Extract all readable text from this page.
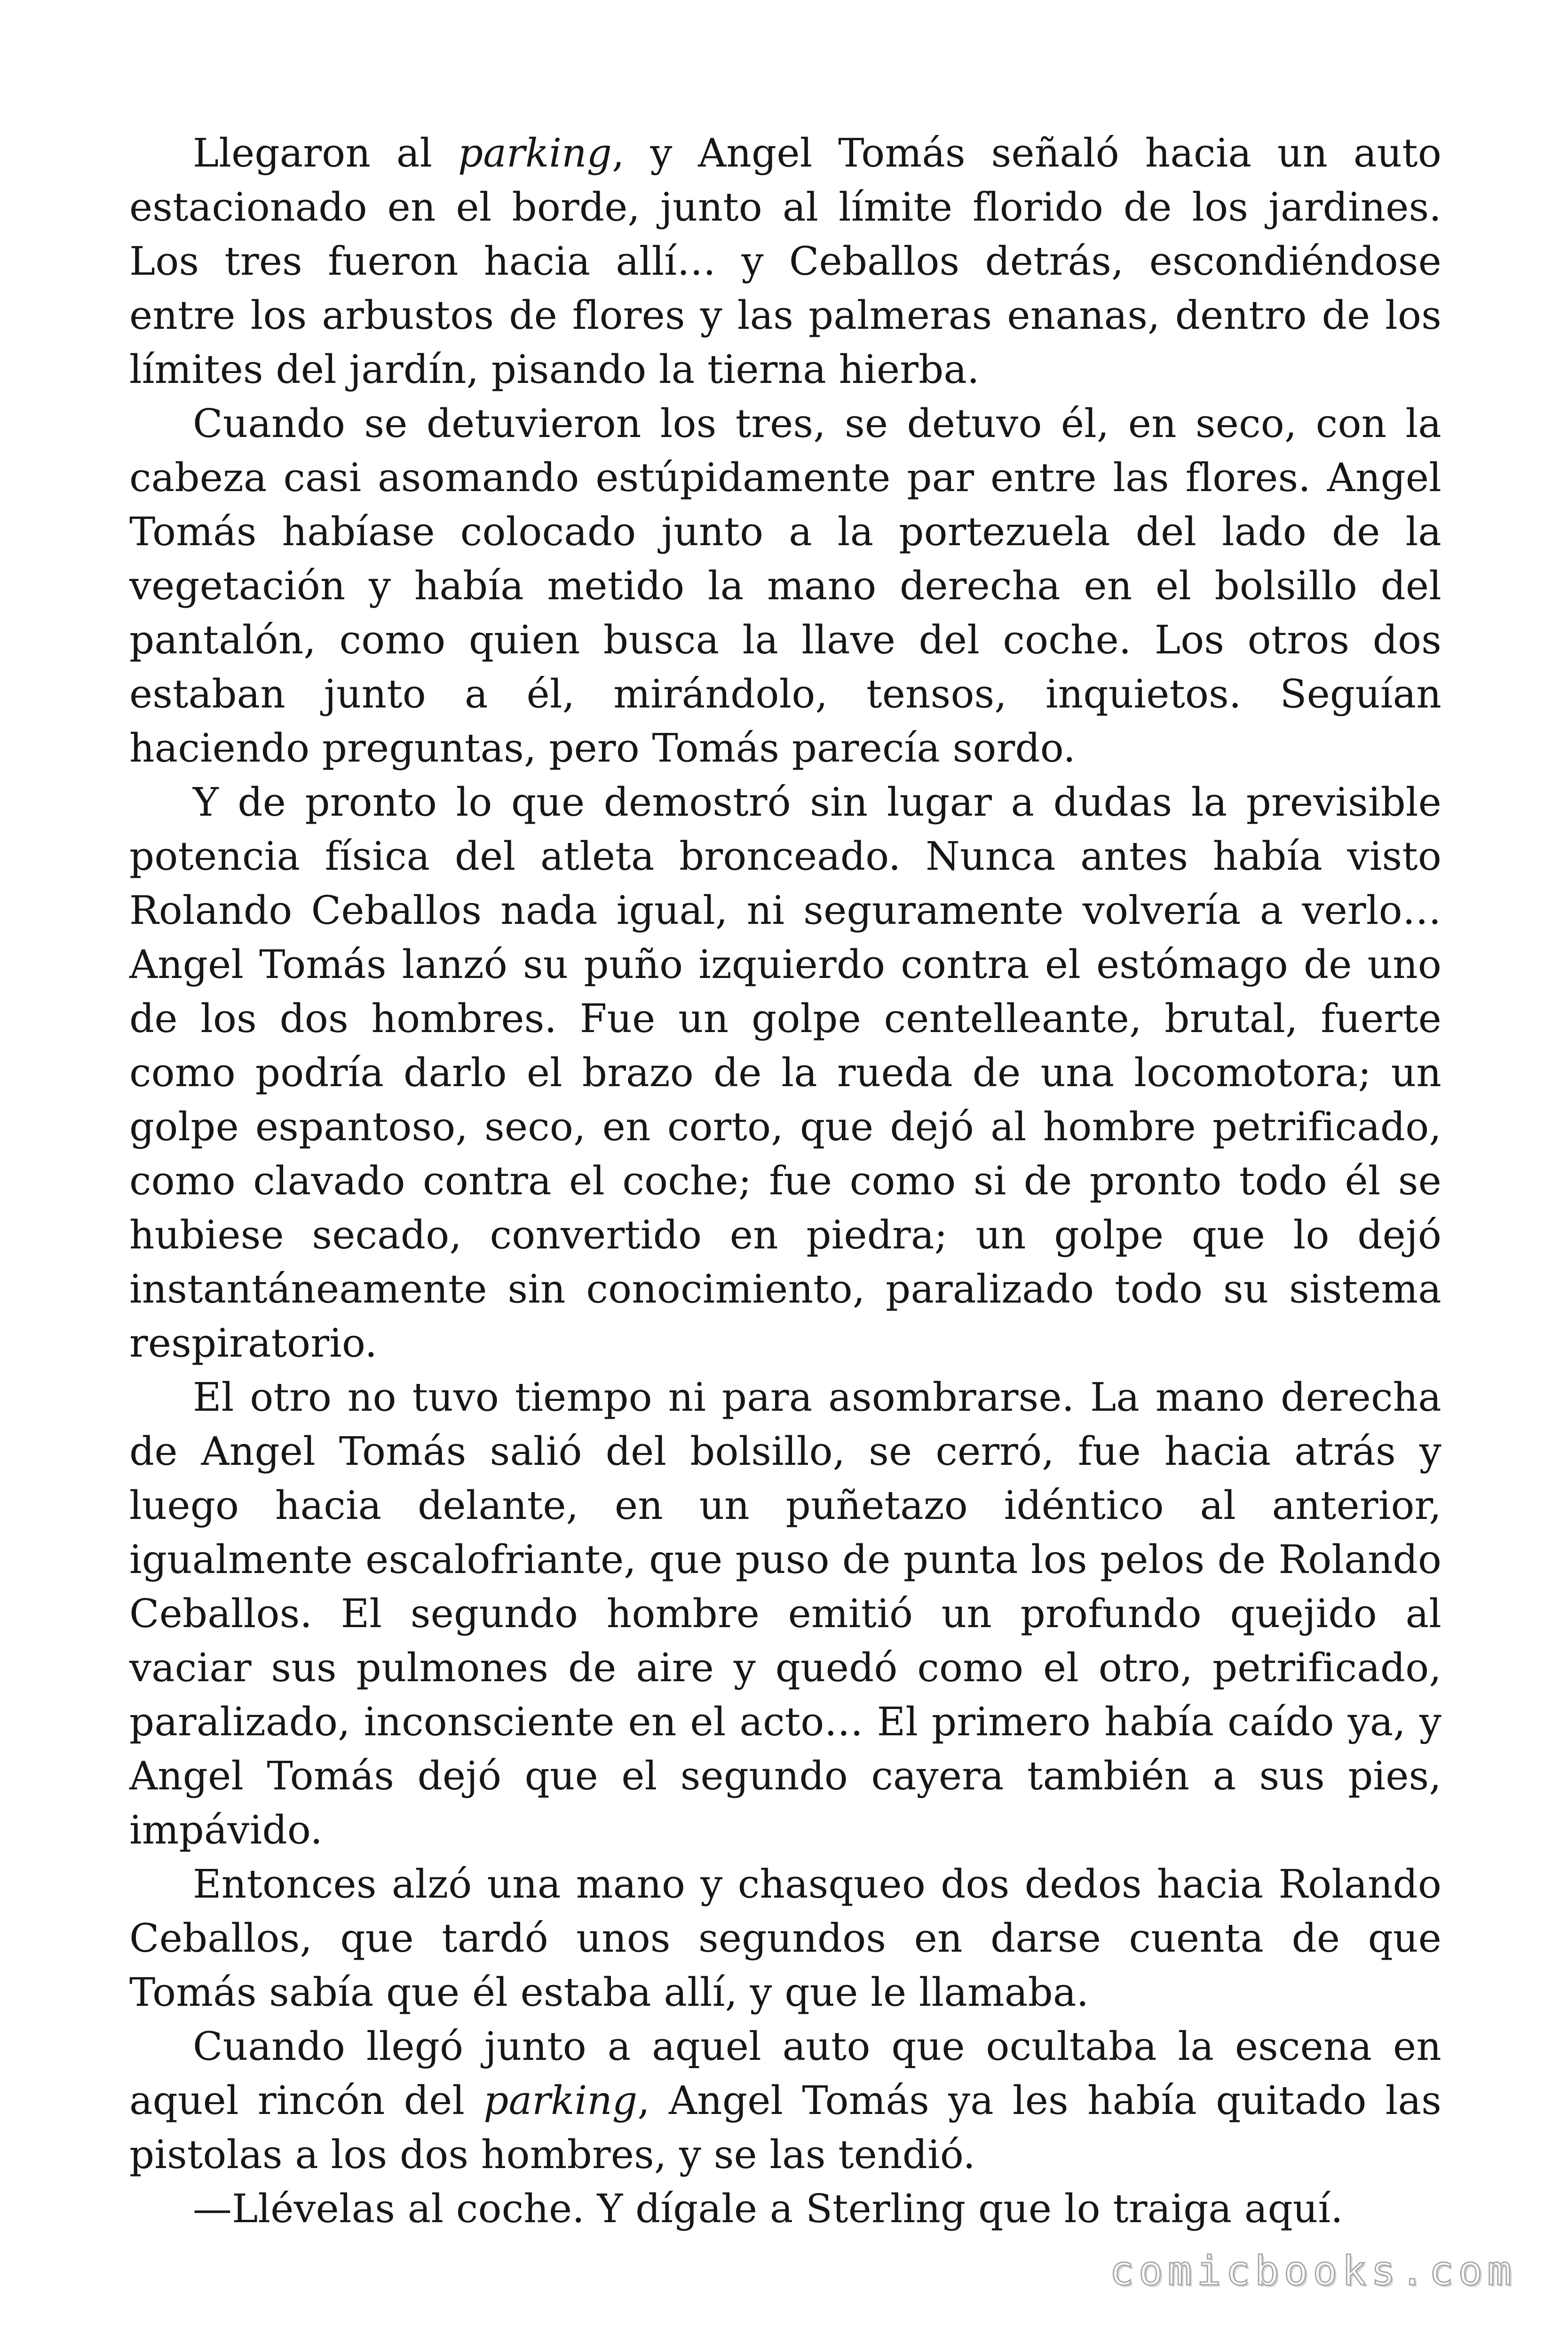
Llegaron al parking, y Angel Tomás señaló hacia un auto estacionado en el borde, junto al límite florido de los jardines. Los tres fueron hacia allí… y Ceballos detrás, escondiéndose entre los arbustos de flores y las palmeras enanas, dentro de los límites del jardín, pisando la tierna hierba.

Cuando se detuvieron los tres, se detuvo él, en seco, con la cabeza casi asomando estúpidamente par entre las flores. Angel Tomás habíase colocado junto a la portezuela del lado de la vegetación y había metido la mano derecha en el bolsillo del pantalón, como quien busca la llave del coche. Los otros dos estaban junto a él, mirándolo, tensos, inquietos. Seguían haciendo preguntas, pero Tomás parecía sordo.

Y de pronto lo que demostró sin lugar a dudas la previsible potencia física del atleta bronceado. Nunca antes había visto Rolando Ceballos nada igual, ni seguramente volvería a verlo… Angel Tomás lanzó su puño izquierdo contra el estómago de uno de los dos hombres. Fue un golpe centelleante, brutal, fuerte como podría darlo el brazo de la rueda de una locomotora; un golpe espantoso, seco, en corto, que dejó al hombre petrificado, como clavado contra el coche; fue como si de pronto todo él se hubiese secado, convertido en piedra; un golpe que lo dejó instantáneamente sin conocimiento, paralizado todo su sistema respiratorio.

El otro no tuvo tiempo ni para asombrarse. La mano derecha de Angel Tomás salió del bolsillo, se cerró, fue hacia atrás y luego hacia delante, en un puñetazo idéntico al anterior, igualmente escalofriante, que puso de punta los pelos de Rolando Ceballos. El segundo hombre emitió un profundo quejido al vaciar sus pulmones de aire y quedó como el otro, petrificado, paralizado, inconsciente en el acto… El primero había caído ya, y Angel Tomás dejó que el segundo cayera también a sus pies, impávido.

Entonces alzó una mano y chasqueo dos dedos hacia Rolando Ceballos, que tardó unos segundos en darse cuenta de que Tomás sabía que él estaba allí, y que le llamaba.

Cuando llegó junto a aquel auto que ocultaba la escena en aquel rincón del parking, Angel Tomás ya les había quitado las pistolas a los dos hombres, y se las tendió.

—Llévelas al coche. Y dígale a Sterling que lo traiga aquí.

comicbooks.com
